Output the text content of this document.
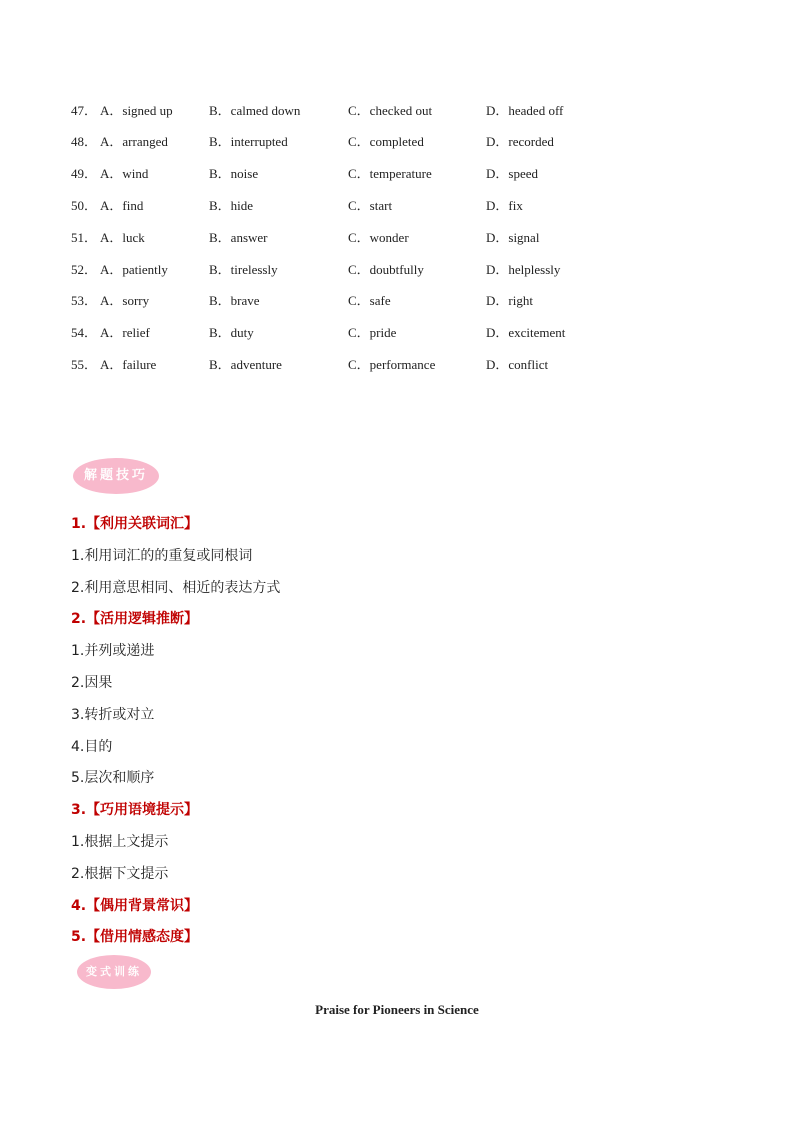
47． A．signed up	B．calmed down	C．checked out	D．headed off
48． A．arranged	B．interrupted	C．completed	D．recorded
49． A．wind	B．noise	C．temperature	D．speed
50． A．find	B．hide	C．start	D．fix
51． A．luck	B．answer	C．wonder	D．signal
52． A．patiently	B．tirelessly	C．doubtfully	D．helplessly
53． A．sorry	B．brave	C．safe	D．right
54． A．relief	B．duty	C．pride	D．excitement
55． A．failure	B．adventure	C．performance	D．conflict
解题技巧
1.【利用关联词汇】
1.利用词汇的的重复或同根词
2.利用意思相同、相近的表达方式
2.【活用逻辑推断】
1.并列或递进
2.因果
3.转折或对立
4.目的
5.层次和顺序
3.【巧用语境提示】
1.根据上文提示
2.根据下文提示
4.【偶用背景常识】
5.【借用情感态度】
变式训练
Praise for Pioneers in Science
